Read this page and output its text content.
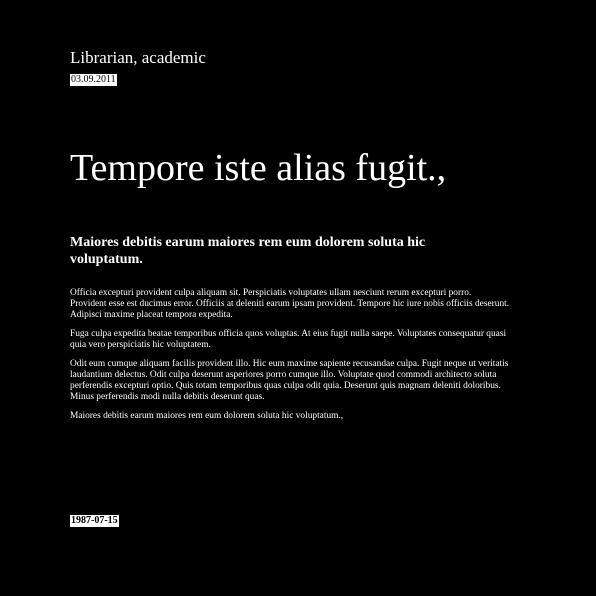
Librarian, academic
03.09.2011
Tempore iste alias fugit.,
Maiores debitis earum maiores rem eum dolorem soluta hic voluptatum.

Officia excepturi provident culpa aliquam sit. Perspiciatis voluptates ullam nesciunt rerum excepturi porro. Provident esse est ducimus error. Officiis at deleniti earum ipsam provident. Tempore hic iure nobis officiis deserunt. Adipisci maxime placeat tempora expedita.

Fuga culpa expedita beatae temporibus officia quos voluptas. At eius fugit nulla saepe. Voluptates consequatur quasi quia vero perspiciatis hic voluptatem.

Odit eum cumque aliquam facilis provident illo. Hic eum maxime sapiente recusandae culpa. Fugit neque ut veritatis laudantium delectus. Odit culpa deserunt asperiores porro cumque illo. Voluptate quod commodi architecto soluta perferendis excepturi optio. Quis totam temporibus quas culpa odit quia. Deserunt quis magnam deleniti doloribus. Minus perferendis modi nulla debitis deserunt quas.

Maiores debitis earum maiores rem eum dolorem soluta hic voluptatum.,

1987-07-15
